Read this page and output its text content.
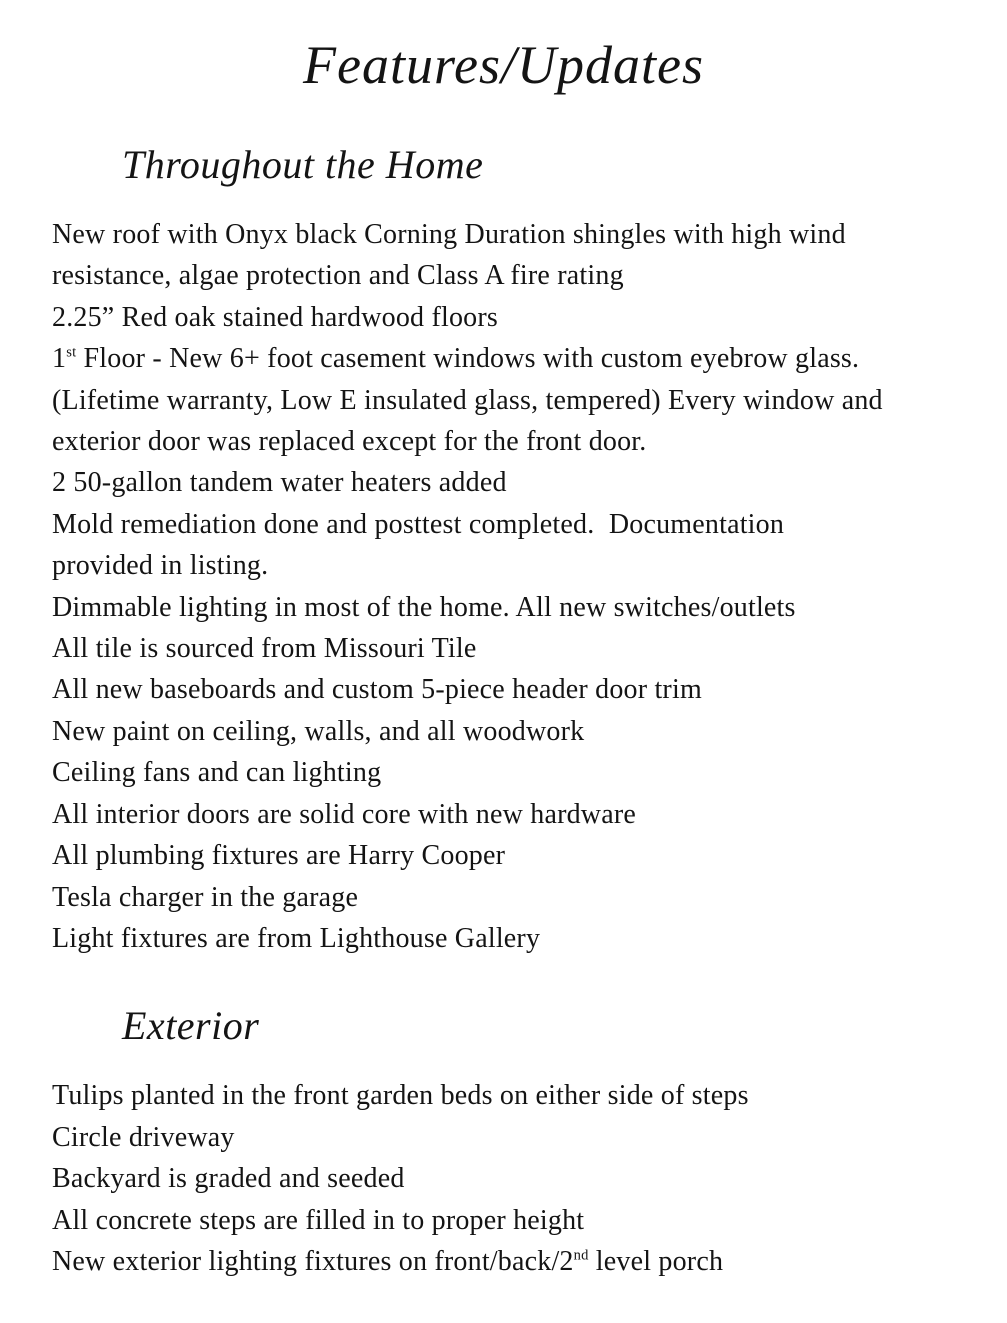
Features/Updates
Throughout the Home
New roof with Onyx black Corning Duration shingles with high wind
resistance, algae protection and Class A fire rating
2.25” Red oak stained hardwood floors
1st Floor - New 6+ foot casement windows with custom eyebrow glass.
(Lifetime warranty, Low E insulated glass, tempered) Every window and
exterior door was replaced except for the front door.
2 50-gallon tandem water heaters added
Mold remediation done and posttest completed.  Documentation
provided in listing.
Dimmable lighting in most of the home. All new switches/outlets
All tile is sourced from Missouri Tile
All new baseboards and custom 5-piece header door trim
New paint on ceiling, walls, and all woodwork
Ceiling fans and can lighting
All interior doors are solid core with new hardware
All plumbing fixtures are Harry Cooper
Tesla charger in the garage
Light fixtures are from Lighthouse Gallery
Exterior
Tulips planted in the front garden beds on either side of steps
Circle driveway
Backyard is graded and seeded
All concrete steps are filled in to proper height
New exterior lighting fixtures on front/back/2nd level porch
